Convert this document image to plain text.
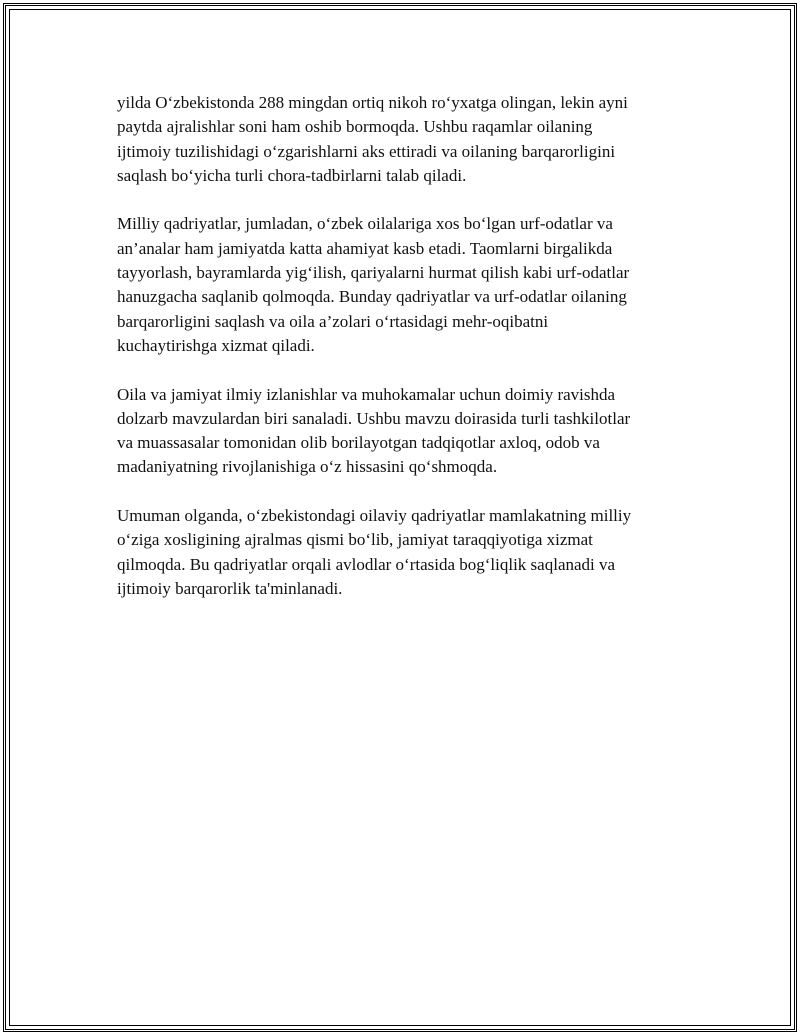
yilda Oʻzbekistonda 288 mingdan ortiq nikoh roʻyxatga olingan, lekin ayni
paytda ajralishlar soni ham oshib bormoqda. Ushbu raqamlar oilaning
ijtimoiy tuzilishidagi oʻzgarishlarni aks ettiradi va oilaning barqarorligini
saqlash boʻyicha turli chora-tadbirlarni talab qiladi.

Milliy qadriyatlar, jumladan, oʻzbek oilalariga xos boʻlgan urf-odatlar va
an’analar ham jamiyatda katta ahamiyat kasb etadi. Taomlarni birgalikda
tayyorlash, bayramlarda yigʻilish, qariyalarni hurmat qilish kabi urf-odatlar
hanuzgacha saqlanib qolmoqda. Bunday qadriyatlar va urf-odatlar oilaning
barqarorligini saqlash va oila a’zolari oʻrtasidagi mehr-oqibatni
kuchaytirishga xizmat qiladi.

Oila va jamiyat ilmiy izlanishlar va muhokamalar uchun doimiy ravishda
dolzarb mavzulardan biri sanaladi. Ushbu mavzu doirasida turli tashkilotlar
va muassasalar tomonidan olib borilayotgan tadqiqotlar axloq, odob va
madaniyatning rivojlanishiga oʻz hissasini qoʻshmoqda.

Umuman olganda, oʻzbekistondagi oilaviy qadriyatlar mamlakatning milliy
oʻziga xosligining ajralmas qismi boʻlib, jamiyat taraqqiyotiga xizmat
qilmoqda. Bu qadriyatlar orqali avlodlar oʻrtasida bogʻliqlik saqlanadi va
ijtimoiy barqarorlik ta'minlanadi.
